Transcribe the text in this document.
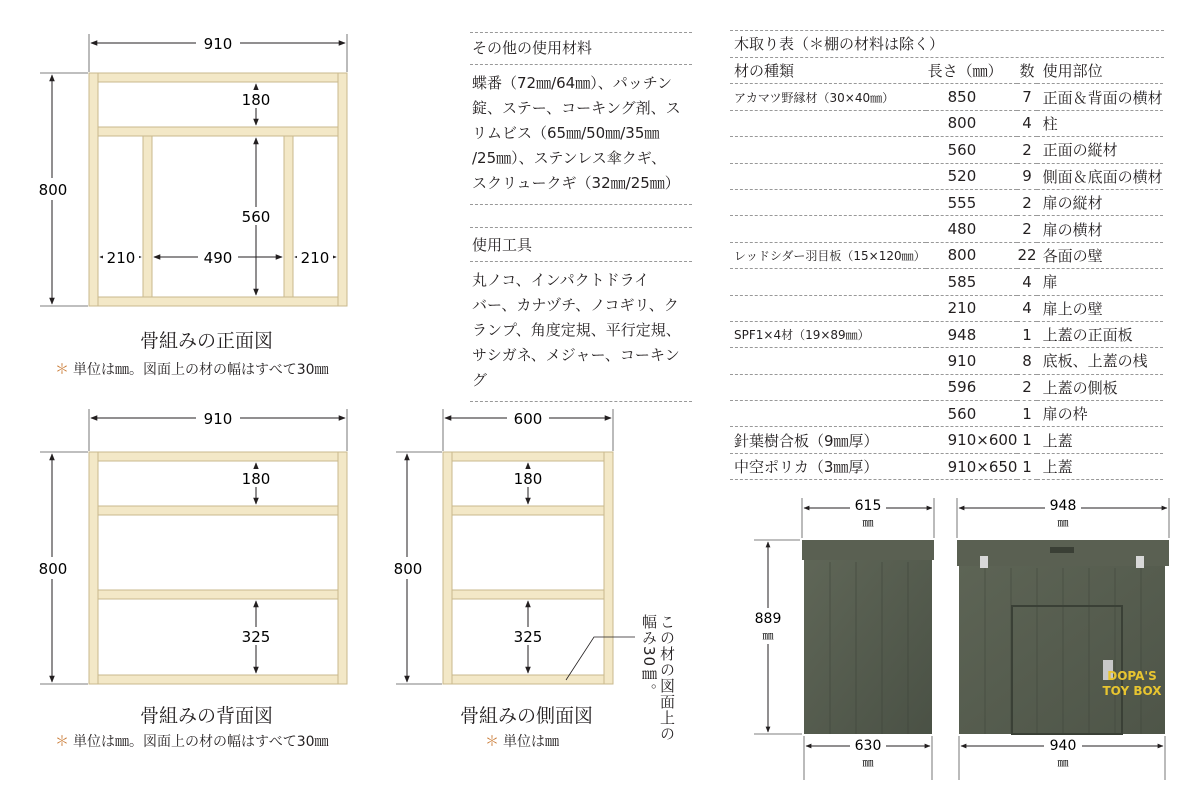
910
800
180
560
210	490	210
骨組みの正面図
＊ 単位は㎜。図面上の材の幅はすべて30㎜
910
800
180
325
骨組みの背面図
＊ 単位は㎜。図面上の材の幅はすべて30㎜
600
800
180
325
骨組みの側面図
＊ 単位は㎜	この材の図面上の幅み30㎜。
その他の使用材料
蝶番（72㎜/64㎜）、パッチン
錠、ステー、コーキング剤、ス
リムビス（65㎜/50㎜/35㎜
/25㎜）、ステンレス傘クギ、
スクリュークギ（32㎜/25㎜）
使用工具
丸ノコ、インパクトドライ
バー、カナヅチ、ノコギリ、ク
ランプ、角度定規、平行定規、
サシガネ、メジャー、コーキン
グ
木取り表（＊棚の材料は除く）
材の種類	長さ（㎜）	数	使用部位
アカマツ野縁材（30×40㎜）	850	7	正面＆背面の横材
	800	4	柱
	560	2	正面の縦材
	520	9	側面＆底面の横材
	555	2	扉の縦材
	480	2	扉の横材
レッドシダー羽目板（15×120㎜）	800	22	各面の壁
	585	4	扉
	210	4	扉上の壁
SPF1×4材（19×89㎜）	948	1	上蓋の正面板
	910	8	底板、上蓋の桟
	596	2	上蓋の側板
	560	1	扉の枠
針葉樹合板（9㎜厚）	910×600	1	上蓋
中空ポリカ（3㎜厚）	910×650	1	上蓋
DOPA'S
TOY BOX
615
㎜
630
㎜
889
㎜
948
㎜
940
㎜
